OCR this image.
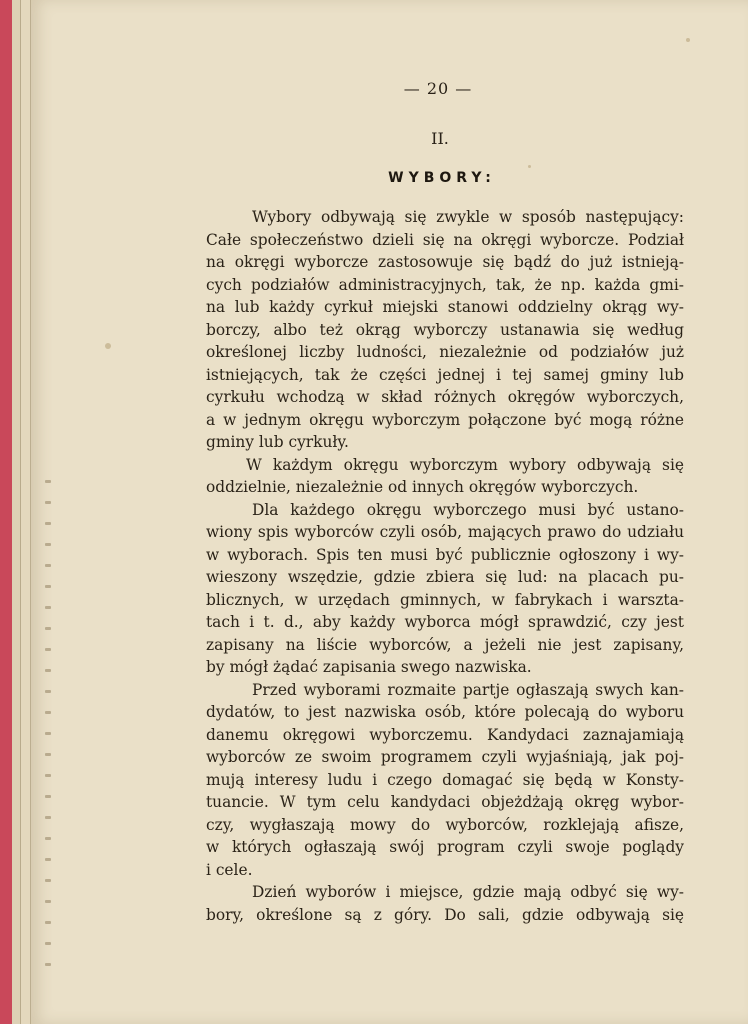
— 20 —
II.
WYBORY:
Wybory odbywają się zwykle w sposób następujący:
Całe społeczeństwo dzieli się na okręgi wyborcze. Podział
na okręgi wyborcze zastosowuje się bądź do już istnieją-
cych podziałów administracyjnych, tak, że np. każda gmi-
na lub każdy cyrkuł miejski stanowi oddzielny okrąg wy-
borczy, albo też okrąg wyborczy ustanawia się według
określonej liczby ludności, niezależnie od podziałów już
istniejących, tak że części jednej i tej samej gminy lub
cyrkułu wchodzą w skład różnych okręgów wyborczych,
a w jednym okręgu wyborczym połączone być mogą różne
gminy lub cyrkuły.
W każdym okręgu wyborczym wybory odbywają się
oddzielnie, niezależnie od innych okręgów wyborczych.
Dla każdego okręgu wyborczego musi być ustano-
wiony spis wyborców czyli osób, mających prawo do udziału
w wyborach. Spis ten musi być publicznie ogłoszony i wy-
wieszony wszędzie, gdzie zbiera się lud: na placach pu-
blicznych, w urzędach gminnych, w fabrykach i warszta-
tach i t. d., aby każdy wyborca mógł sprawdzić, czy jest
zapisany na liście wyborców, a jeżeli nie jest zapisany,
by mógł żądać zapisania swego nazwiska.
Przed wyborami rozmaite partje ogłaszają swych kan-
dydatów, to jest nazwiska osób, które polecają do wyboru
danemu okręgowi wyborczemu. Kandydaci zaznajamiają
wyborców ze swoim programem czyli wyjaśniają, jak poj-
mują interesy ludu i czego domagać się będą w Konsty-
tuancie. W tym celu kandydaci objeżdżają okręg wybor-
czy, wygłaszają mowy do wyborców, rozklejają afisze,
w których ogłaszają swój program czyli swoje poglądy
i cele.
Dzień wyborów i miejsce, gdzie mają odbyć się wy-
bory, określone są z góry. Do sali, gdzie odbywają się
